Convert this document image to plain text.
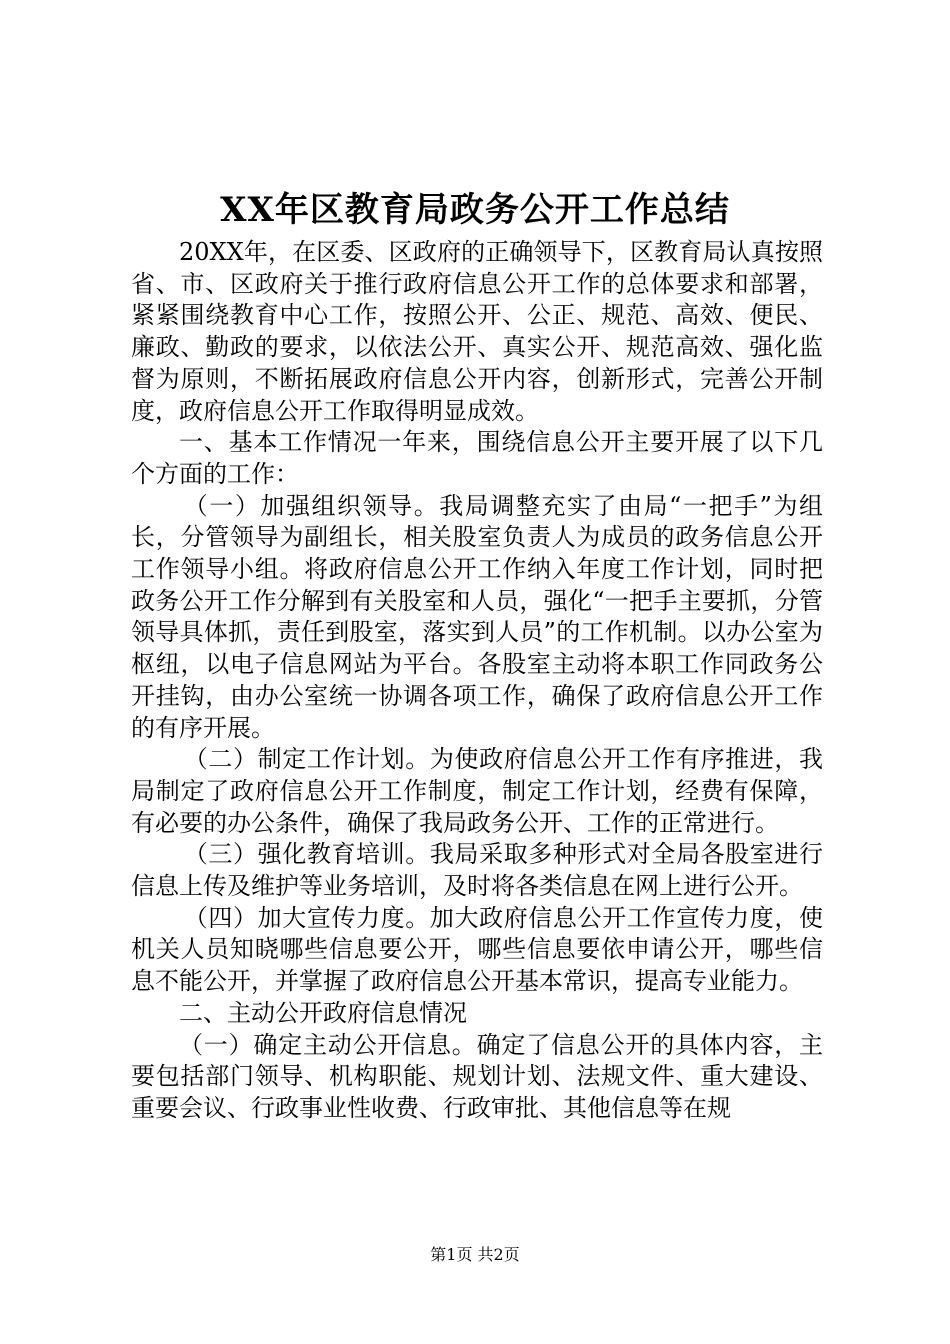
XX年区教育局政务公开工作总结

20XX年，在区委、区政府的正确领导下，区教育局认真按照省、市、区政府关于推行政府信息公开工作的总体要求和部署，紧紧围绕教育中心工作，按照公开、公正、规范、高效、便民、廉政、勤政的要求，以依法公开、真实公开、规范高效、强化监督为原则，不断拓展政府信息公开内容，创新形式，完善公开制度，政府信息公开工作取得明显成效。

一、基本工作情况一年来，围绕信息公开主要开展了以下几个方面的工作：

（一）加强组织领导。我局调整充实了由局“一把手”为组长，分管领导为副组长，相关股室负责人为成员的政务信息公开工作领导小组。将政府信息公开工作纳入年度工作计划，同时把政务公开工作分解到有关股室和人员，强化“一把手主要抓，分管领导具体抓，责任到股室，落实到人员”的工作机制。以办公室为枢纽，以电子信息网站为平台。各股室主动将本职工作同政务公开挂钩，由办公室统一协调各项工作，确保了政府信息公开工作的有序开展。

（二）制定工作计划。为使政府信息公开工作有序推进，我局制定了政府信息公开工作制度，制定工作计划，经费有保障，有必要的办公条件，确保了我局政务公开、工作的正常进行。

（三）强化教育培训。我局采取多种形式对全局各股室进行信息上传及维护等业务培训，及时将各类信息在网上进行公开。

（四）加大宣传力度。加大政府信息公开工作宣传力度，使机关人员知晓哪些信息要公开，哪些信息要依申请公开，哪些信息不能公开，并掌握了政府信息公开基本常识，提高专业能力。

二、主动公开政府信息情况

（一）确定主动公开信息。确定了信息公开的具体内容，主要包括部门领导、机构职能、规划计划、法规文件、重大建设、重要会议、行政事业性收费、行政审批、其他信息等在规

第1页 共2页
